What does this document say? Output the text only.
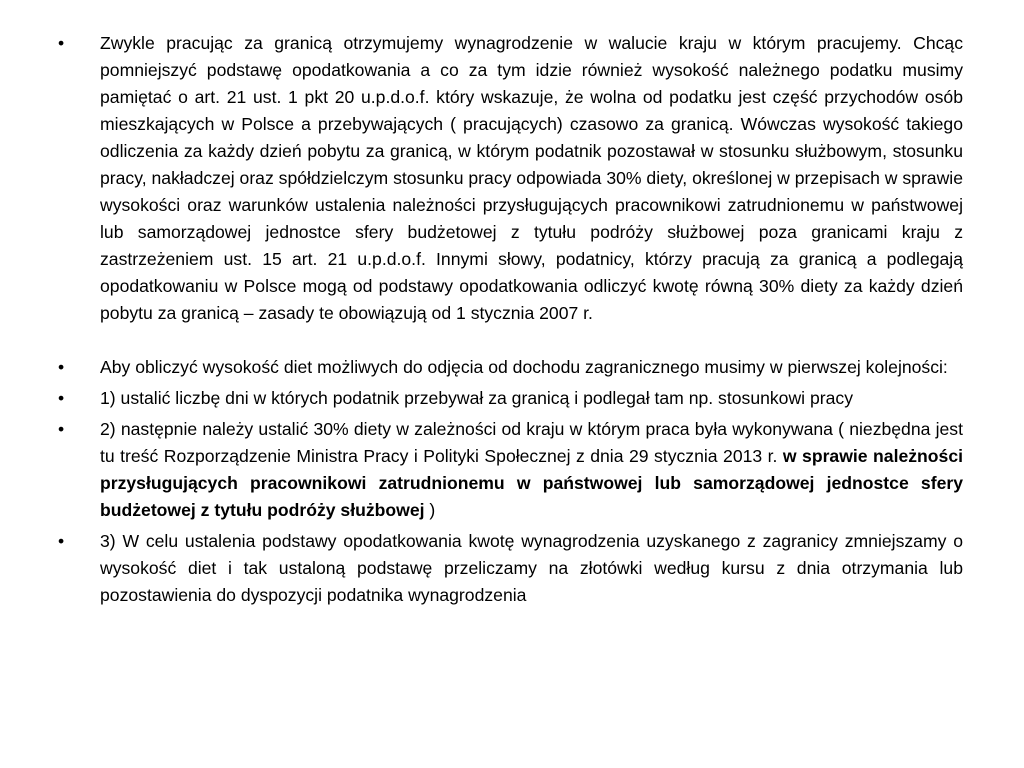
•	Zwykle pracując za granicą otrzymujemy wynagrodzenie w walucie kraju w którym pracujemy. Chcąc pomniejszyć podstawę opodatkowania a co za tym idzie również wysokość należnego podatku musimy pamiętać o art. 21 ust. 1 pkt 20 u.p.d.o.f. który wskazuje, że wolna od podatku jest część przychodów osób mieszkających w Polsce a przebywających ( pracujących) czasowo za granicą. Wówczas wysokość takiego odliczenia za każdy dzień pobytu za granicą, w którym podatnik pozostawał w stosunku służbowym, stosunku pracy, nakładczej oraz spółdzielczym stosunku pracy odpowiada 30% diety, określonej w przepisach w sprawie wysokości oraz warunków ustalenia należności przysługujących pracownikowi zatrudnionemu w państwowej lub samorządowej jednostce sfery budżetowej z tytułu podróży służbowej poza granicami kraju z zastrzeżeniem ust. 15 art. 21 u.p.d.o.f. Innymi słowy, podatnicy, którzy pracują za granicą a podlegają opodatkowaniu w Polsce mogą od podstawy opodatkowania odliczyć kwotę równą 30% diety za każdy dzień pobytu za granicą – zasady te obowiązują od 1 stycznia 2007 r.
•	Aby obliczyć wysokość diet możliwych do odjęcia od dochodu zagranicznego musimy w pierwszej kolejności:
•	1) ustalić liczbę dni w których podatnik przebywał za granicą i podlegał tam np. stosunkowi pracy
•	2) następnie należy ustalić 30% diety w zależności od kraju w którym praca była wykonywana ( niezbędna jest tu treść Rozporządzenie Ministra Pracy i Polityki Społecznej z dnia 29 stycznia 2013 r. w sprawie należności przysługujących pracownikowi zatrudnionemu w państwowej lub samorządowej jednostce sfery budżetowej z tytułu podróży służbowej )
•	3) W celu ustalenia podstawy opodatkowania kwotę wynagrodzenia uzyskanego z zagranicy zmniejszamy o wysokość diet i tak ustaloną podstawę przeliczamy na złotówki według kursu z dnia otrzymania lub pozostawienia do dyspozycji podatnika wynagrodzenia
